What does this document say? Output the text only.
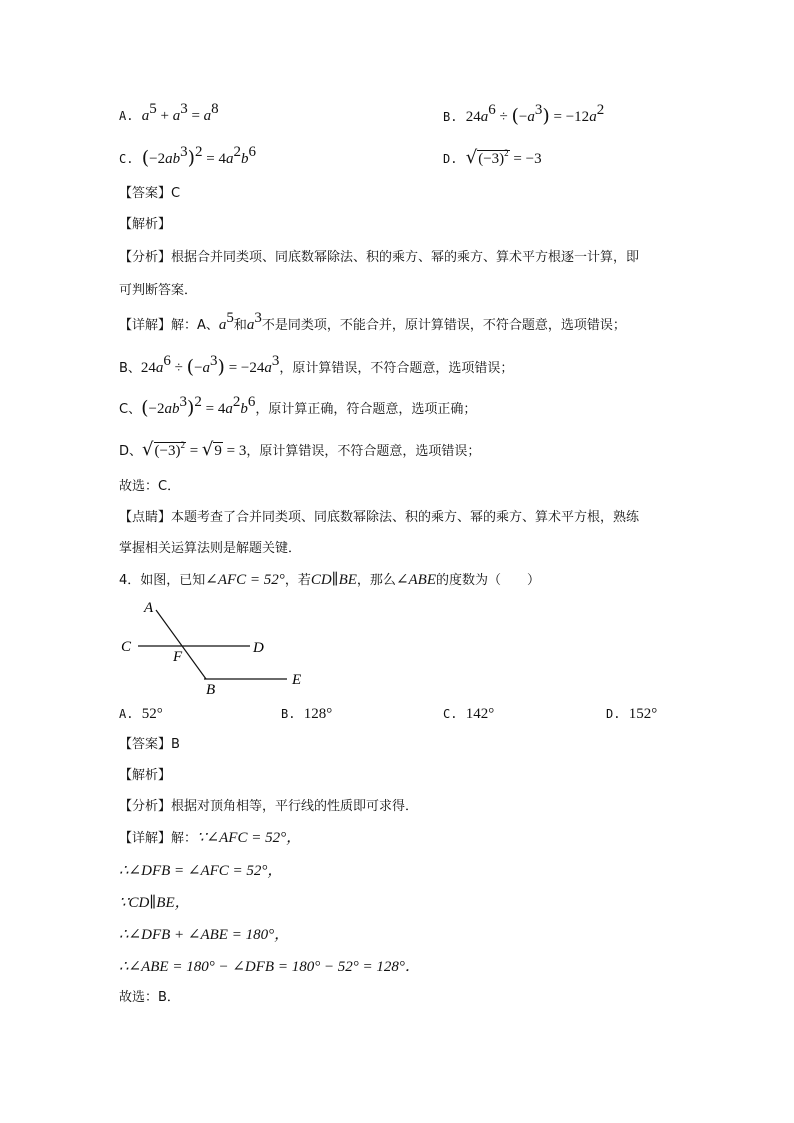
A. $a^5 + a^3 = a^8$	B. $24a^6 \div (-a^3) = -12a^2$
C. $(-2ab^3)^2 = 4a^2b^6$	D. $√(-3)^2 = -3$
【答案】C
【解析】
【分析】根据合并同类项、同底数幂除法、积的乘方、幂的乘方、算术平方根逐一计算，即
可判断答案．
【详解】解：A、$a^5$和$a^3$不是同类项，不能合并，原计算错误，不符合题意，选项错误；
B、$24a^6 \div (-a^3) = -24a^3$，原计算错误，不符合题意，选项错误；
C、$(-2ab^3)^2 = 4a^2b^6$，原计算正确，符合题意，选项正确；
D、$√(-3)^2 = √9 = 3$，原计算错误，不符合题意，选项错误；
故选：C．
【点睛】本题考查了合并同类项、同底数幂除法、积的乘方、幂的乘方、算术平方根，熟练
掌握相关运算法则是解题关键．
4．如图，已知∠AFC = 52°，若CD∥BE，那么∠ABE的度数为（　　）
A
C
F
D
B
E
A. 52°	B. 128°	C. 142°	D. 152°
【答案】B
【解析】
【分析】根据对顶角相等，平行线的性质即可求得．
【详解】解：∵∠AFC = 52°，
∴∠DFB = ∠AFC = 52°，
∵CD∥BE，
∴∠DFB + ∠ABE = 180°，
∴∠ABE = 180° − ∠DFB = 180° − 52° = 128°．
故选：B．
